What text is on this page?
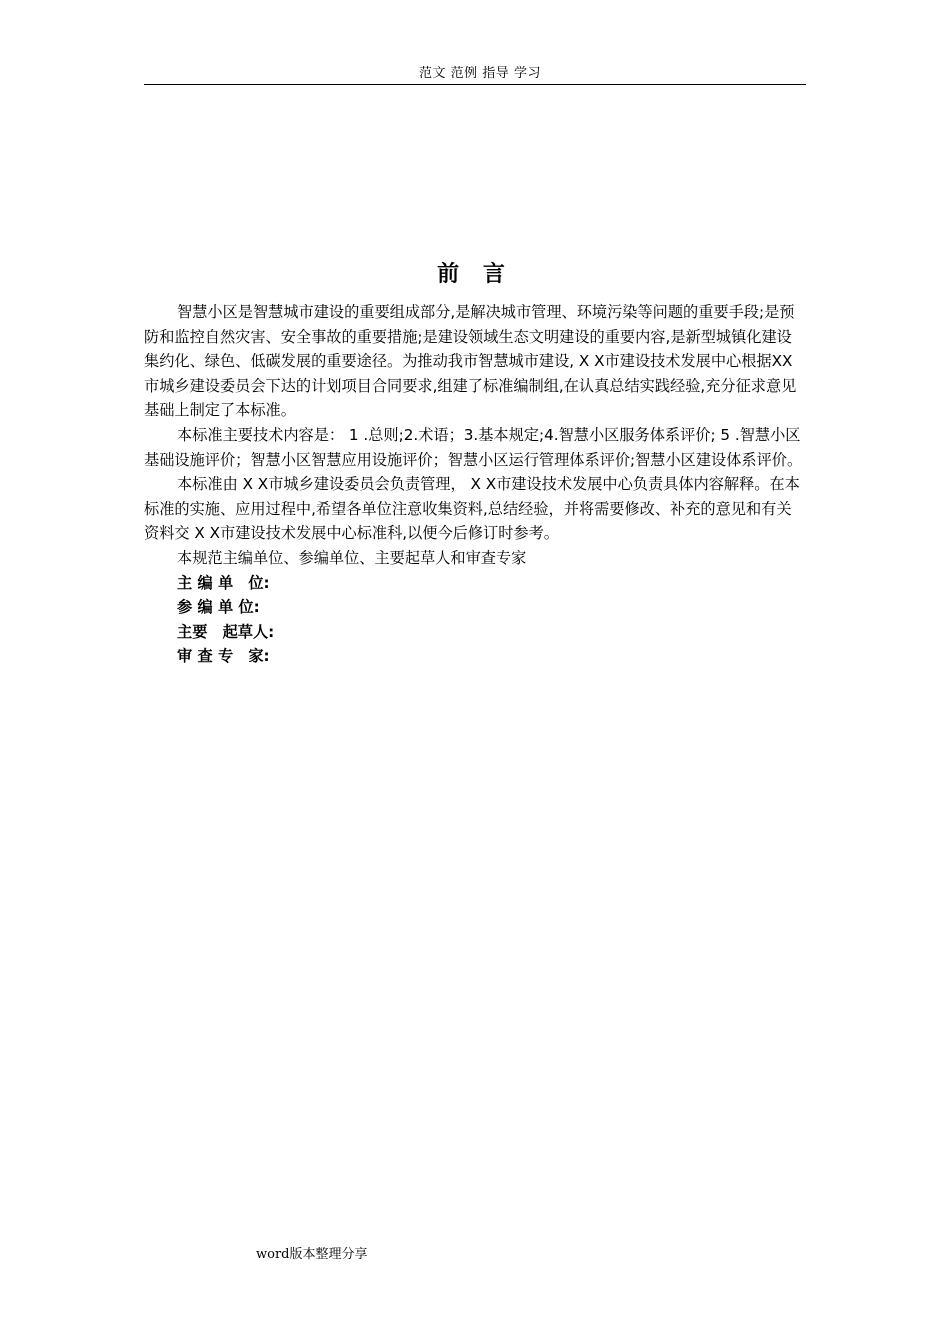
范文 范例 指导 学习
前 言

智慧小区是智慧城市建设的重要组成部分,是解决城市管理、环境污染等问题的重要手段;是预防和监控自然灾害、安全事故的重要措施;是建设领域生态文明建设的重要内容,是新型城镇化建设集约化、绿色、低碳发展的重要途径。为推动我市智慧城市建设, X X市建设技术发展中心根据XX市城乡建设委员会下达的计划项目合同要求,组建了标准编制组,在认真总结实践经验,充分征求意见基础上制定了本标准。

本标准主要技术内容是： 1 .总则;2.术语；3.基本规定;4.智慧小区服务体系评价; 5 .智慧小区基础设施评价；智慧小区智慧应用设施评价；智慧小区运行管理体系评价;智慧小区建设体系评价。

本标准由 X X市城乡建设委员会负责管理， X X市建设技术发展中心负责具体内容解释。在本标准的实施、应用过程中,希望各单位注意收集资料,总结经验，并将需要修改、补充的意见和有关资料交 X X市建设技术发展中心标准科,以便今后修订时参考。

本规范主编单位、参编单位、主要起草人和审查专家

主 编 单　位:

参 编 单 位:

主要　起草人:

审 查 专　家:

word版本整理分享
